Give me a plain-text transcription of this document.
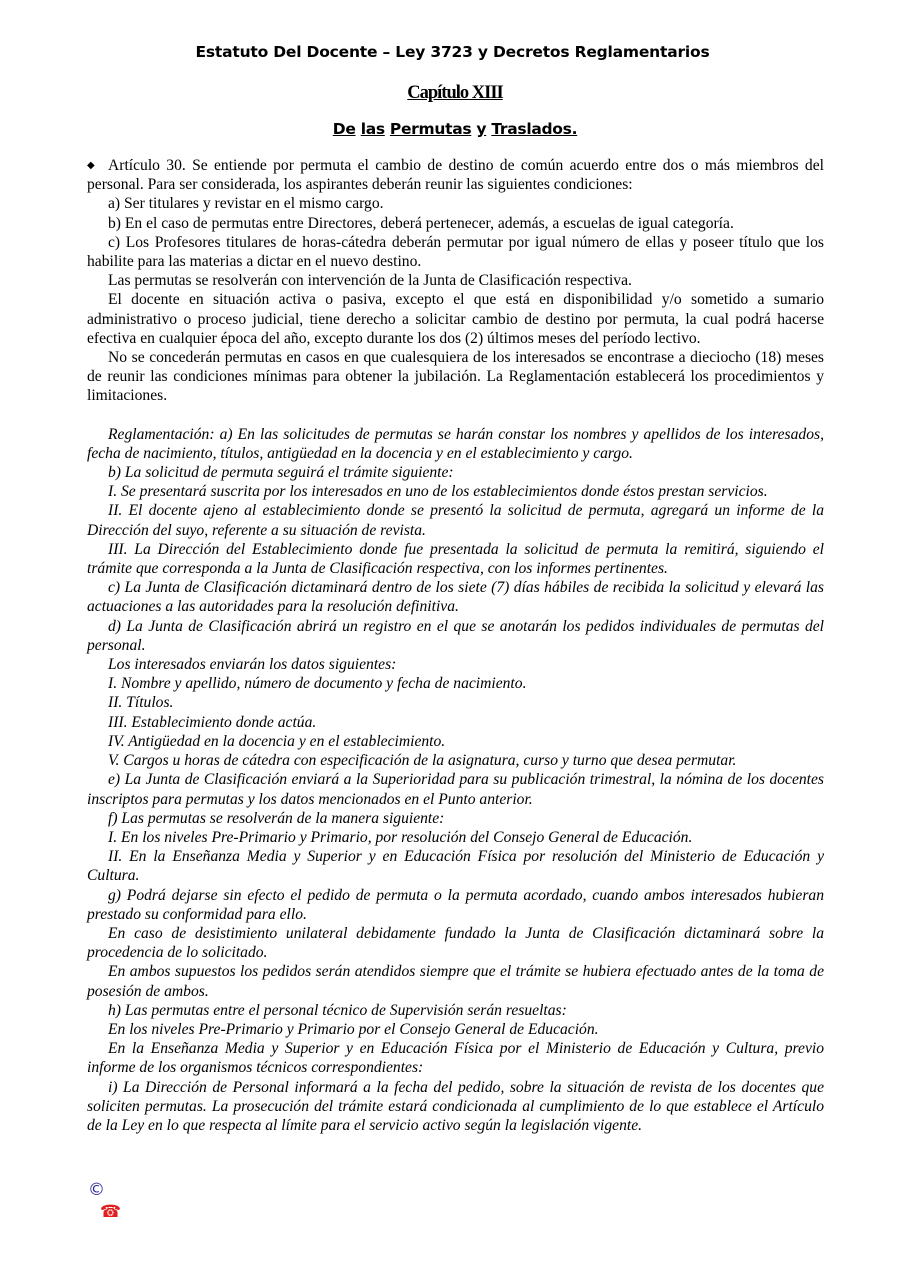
Estatuto Del Docente – Ley 3723 y Decretos Reglamentarios
Capítulo XIII
De las Permutas y Traslados.

◆ Artículo 30. Se entiende por permuta el cambio de destino de común acuerdo entre dos o más miembros del personal. Para ser considerada, los aspirantes deberán reunir las siguientes condiciones:

a) Ser titulares y revistar en el mismo cargo.

b) En el caso de permutas entre Directores, deberá pertenecer, además, a escuelas de igual categoría.

c) Los Profesores titulares de horas-cátedra deberán permutar por igual número de ellas y poseer título que los habilite para las materias a dictar en el nuevo destino.

Las permutas se resolverán con intervención de la Junta de Clasificación respectiva.

El docente en situación activa o pasiva, excepto el que está en disponibilidad y/o sometido a sumario administrativo o proceso judicial, tiene derecho a solicitar cambio de destino por permuta, la cual podrá hacerse efectiva en cualquier época del año, excepto durante los dos (2) últimos meses del período lectivo.

No se concederán permutas en casos en que cualesquiera de los interesados se encontrase a dieciocho (18) meses de reunir las condiciones mínimas para obtener la jubilación. La Reglamentación establecerá los procedimientos y limitaciones.

Reglamentación: a) En las solicitudes de permutas se harán constar los nombres y apellidos de los interesados, fecha de nacimiento, títulos, antigüedad en la docencia y en el establecimiento y cargo.

b) La solicitud de permuta seguirá el trámite siguiente:

I. Se presentará suscrita por los interesados en uno de los establecimientos donde éstos prestan servicios.

II. El docente ajeno al establecimiento donde se presentó la solicitud de permuta, agregará un informe de la Dirección del suyo, referente a su situación de revista.

III. La Dirección del Establecimiento donde fue presentada la solicitud de permuta la remitirá, siguiendo el trámite que corresponda a la Junta de Clasificación respectiva, con los informes pertinentes.

c) La Junta de Clasificación dictaminará dentro de los siete (7) días hábiles de recibida la solicitud y elevará las actuaciones a las autoridades para la resolución definitiva.

d) La Junta de Clasificación abrirá un registro en el que se anotarán los pedidos individuales de permutas del personal.

Los interesados enviarán los datos siguientes:

I. Nombre y apellido, número de documento y fecha de nacimiento.

II. Títulos.

III. Establecimiento donde actúa.

IV. Antigüedad en la docencia y en el establecimiento.

V. Cargos u horas de cátedra con especificación de la asignatura, curso y turno que desea permutar.

e) La Junta de Clasificación enviará a la Superioridad para su publicación trimestral, la nómina de los docentes inscriptos para permutas y los datos mencionados en el Punto anterior.

f) Las permutas se resolverán de la manera siguiente:

I. En los niveles Pre-Primario y Primario, por resolución del Consejo General de Educación.

II. En la Enseñanza Media y Superior y en Educación Física por resolución del Ministerio de Educación y Cultura.

g) Podrá dejarse sin efecto el pedido de permuta o la permuta acordado, cuando ambos interesados hubieran prestado su conformidad para ello.

En caso de desistimiento unilateral debidamente fundado la Junta de Clasificación dictaminará sobre la procedencia de lo solicitado.

En ambos supuestos los pedidos serán atendidos siempre que el trámite se hubiera efectuado antes de la toma de posesión de ambos.

h) Las permutas entre el personal técnico de Supervisión serán resueltas:

En los niveles Pre-Primario y Primario por el Consejo General de Educación.

En la Enseñanza Media y Superior y en Educación Física por el Ministerio de Educación y Cultura, previo informe de los organismos técnicos correspondientes:

i) La Dirección de Personal informará a la fecha del pedido, sobre la situación de revista de los docentes que soliciten permutas. La prosecución del trámite estará condicionada al cumplimiento de lo que establece el Artículo de la Ley en lo que respecta al límite para el servicio activo según la legislación vigente.

©
☎
